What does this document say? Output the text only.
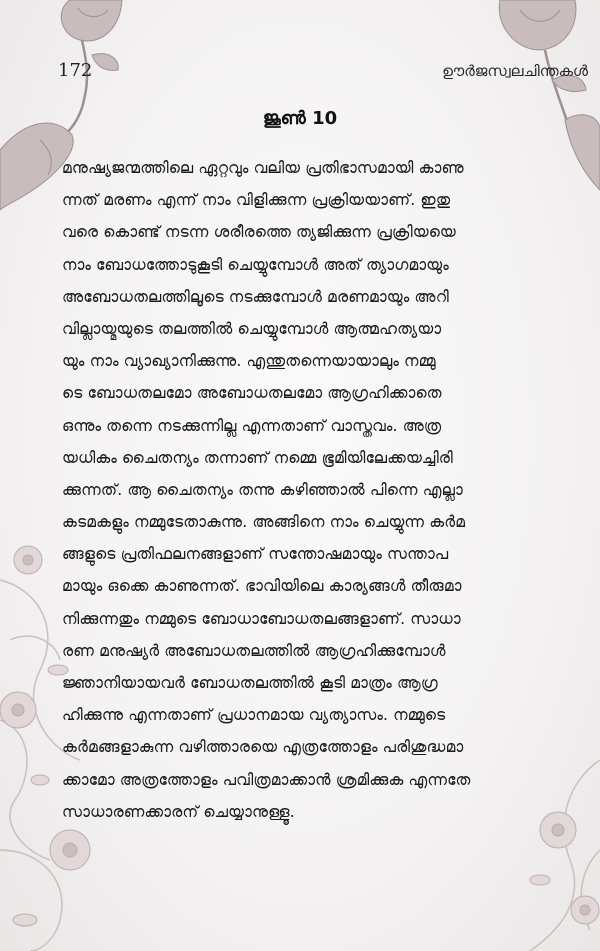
172	ഊർജസ്വലചിന്തകൾ
ജൂൺ 10
മനുഷ്യജന്മത്തിലെ ഏറ്റവും വലിയ പ്രതിഭാസമായി കാണു
ന്നത് മരണം എന്ന് നാം വിളിക്കുന്ന പ്രക്രിയയാണ്. ഇതു
വരെ കൊണ്ട് നടന്ന ശരീരത്തെ ത്യജിക്കുന്ന പ്രക്രിയയെ
നാം ബോധത്തോടുകൂടി ചെയ്യുമ്പോൾ അത് ത്യാഗമായും
അബോധതലത്തിലൂടെ നടക്കുമ്പോൾ മരണമായും അറി
വില്ലായ്മയുടെ തലത്തിൽ ചെയ്യുമ്പോൾ ആത്മഹത്യയാ
യും നാം വ്യാഖ്യാനിക്കുന്നു. എന്തുതന്നെയായാലും നമ്മു
ടെ ബോധതലമോ അബോധതലമോ ആഗ്രഹിക്കാതെ
ഒന്നും തന്നെ നടക്കുന്നില്ല എന്നതാണ് വാസ്തവം. അത്ര
യധികം ചൈതന്യം തന്നാണ് നമ്മെ ഭൂമിയിലേക്കയച്ചിരി
ക്കുന്നത്. ആ ചൈതന്യം തന്നു കഴിഞ്ഞാൽ പിന്നെ എല്ലാ
കടമകളും നമ്മുടേതാകുന്നു. അങ്ങിനെ നാം ചെയ്യുന്ന കർമ
ങ്ങളുടെ പ്രതിഫലനങ്ങളാണ് സന്തോഷമായും സന്താപ
മായും ഒക്കെ കാണുന്നത്. ഭാവിയിലെ കാര്യങ്ങൾ തീരുമാ
നിക്കുന്നതും നമ്മുടെ ബോധാബോധതലങ്ങളാണ്. സാധാ
രണ മനുഷ്യർ അബോധതലത്തിൽ ആഗ്രഹിക്കുമ്പോൾ
ജ്ഞാനിയായവർ ബോധതലത്തിൽ കൂടി മാത്രം ആഗ്ര
ഹിക്കുന്നു എന്നതാണ് പ്രധാനമായ വ്യത്യാസം. നമ്മുടെ
കർമങ്ങളാകുന്ന വഴിത്താരയെ എത്രത്തോളം പരിശുദ്ധമാ
ക്കാമോ അത്രത്തോളം പവിത്രമാക്കാൻ ശ്രമിക്കുക എന്നതേ
സാധാരണക്കാരന് ചെയ്യാനുള്ളൂ.
